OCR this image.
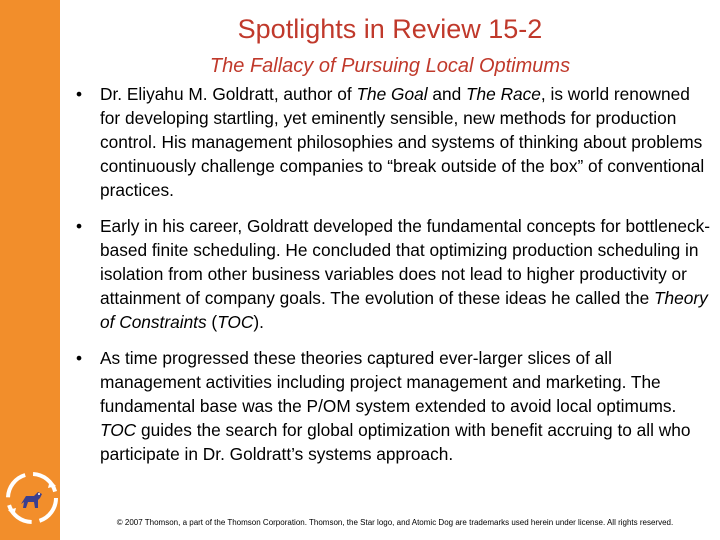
Spotlights in Review 15-2
The Fallacy of Pursuing Local Optimums
• Dr. Eliyahu M. Goldratt, author of The Goal and The Race, is world renowned for developing startling, yet eminently sensible, new methods for production control. His management philosophies and systems of thinking about problems continuously challenge companies to “break outside of the box” of conventional practices.
• Early in his career, Goldratt developed the fundamental concepts for bottleneck-based finite scheduling. He concluded that optimizing production scheduling in isolation from other business variables does not lead to higher productivity or attainment of company goals. The evolution of these ideas he called the Theory of Constraints (TOC).
• As time progressed these theories captured ever-larger slices of all management activities including project management and marketing. The fundamental base was the P/OM system extended to avoid local optimums. TOC guides the search for global optimization with benefit accruing to all who participate in Dr. Goldratt’s systems approach.
© 2007 Thomson, a part of the Thomson Corporation. Thomson, the Star logo, and Atomic Dog are trademarks used herein under license. All rights reserved.
